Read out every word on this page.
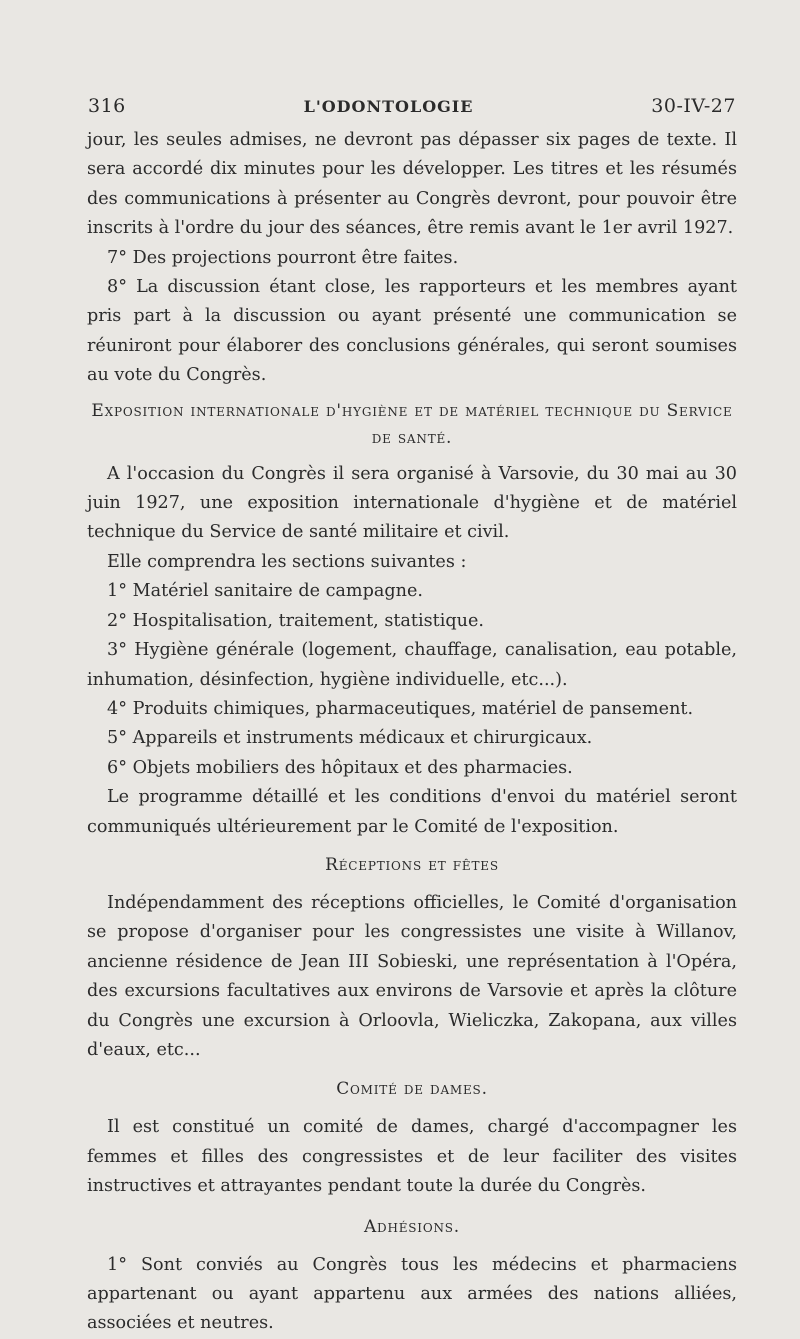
316	L'ODONTOLOGIE	30-IV-27

jour, les seules admises, ne devront pas dépasser six pages de texte. Il sera accordé dix minutes pour les développer. Les titres et les résumés des communications à présenter au Congrès devront, pour pouvoir être inscrits à l'ordre du jour des séances, être remis avant le 1er avril 1927.

7° Des projections pourront être faites.

8° La discussion étant close, les rapporteurs et les membres ayant pris part à la discussion ou ayant présenté une communication se réuniront pour élaborer des conclusions générales, qui seront soumises au vote du Congrès.

Exposition internationale d'hygiène et de matériel technique du Service de santé.

A l'occasion du Congrès il sera organisé à Varsovie, du 30 mai au 30 juin 1927, une exposition internationale d'hygiène et de matériel technique du Service de santé militaire et civil.

Elle comprendra les sections suivantes :

1° Matériel sanitaire de campagne.

2° Hospitalisation, traitement, statistique.

3° Hygiène générale (logement, chauffage, canalisation, eau potable, inhumation, désinfection, hygiène individuelle, etc...).

4° Produits chimiques, pharmaceutiques, matériel de pansement.

5° Appareils et instruments médicaux et chirurgicaux.

6° Objets mobiliers des hôpitaux et des pharmacies.

Le programme détaillé et les conditions d'envoi du matériel seront communiqués ultérieurement par le Comité de l'exposition.

Réceptions et fêtes

Indépendamment des réceptions officielles, le Comité d'organisation se propose d'organiser pour les congressistes une visite à Willanov, ancienne résidence de Jean III Sobieski, une représentation à l'Opéra, des excursions facultatives aux environs de Varsovie et après la clôture du Congrès une excursion à Orloovla, Wieliczka, Zakopana, aux villes d'eaux, etc...

Comité de dames.

Il est constitué un comité de dames, chargé d'accompagner les femmes et filles des congressistes et de leur faciliter des visites instructives et attrayantes pendant toute la durée du Congrès.

Adhésions.

1° Sont conviés au Congrès tous les médecins et pharmaciens appartenant ou ayant appartenu aux armées des nations alliées, associées et neutres.
